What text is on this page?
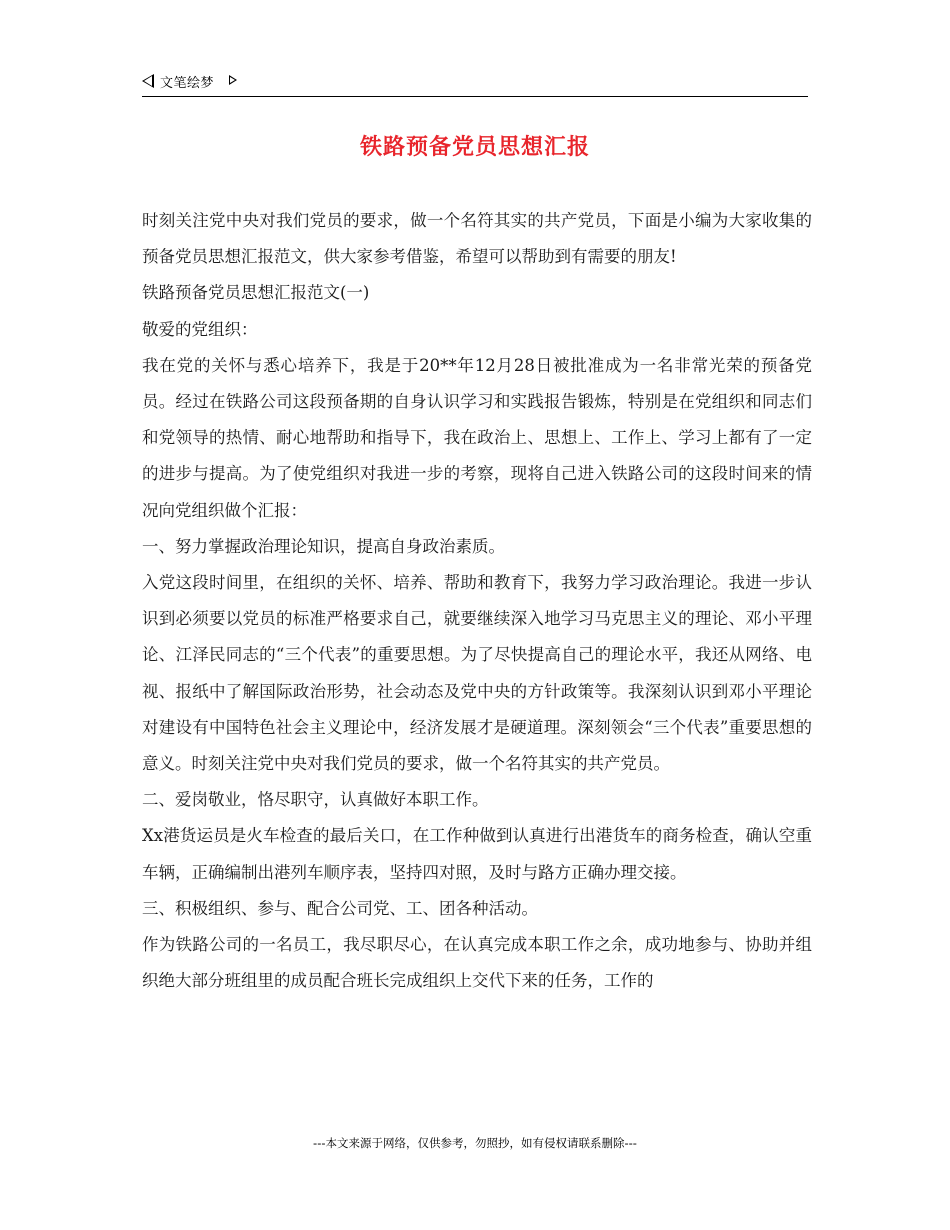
文笔绘梦
铁路预备党员思想汇报

时刻关注党中央对我们党员的要求，做一个名符其实的共产党员，下面是小编为大家收集的预备党员思想汇报范文，供大家参考借鉴，希望可以帮助到有需要的朋友!

铁路预备党员思想汇报范文(一)

敬爱的党组织：

我在党的关怀与悉心培养下，我是于20**年12月28日被批准成为一名非常光荣的预备党员。经过在铁路公司这段预备期的自身认识学习和实践报告锻炼，特别是在党组织和同志们和党领导的热情、耐心地帮助和指导下，我在政治上、思想上、工作上、学习上都有了一定的进步与提高。为了使党组织对我进一步的考察，现将自己进入铁路公司的这段时间来的情况向党组织做个汇报：

一、努力掌握政治理论知识，提高自身政治素质。

入党这段时间里，在组织的关怀、培养、帮助和教育下，我努力学习政治理论。我进一步认识到必须要以党员的标准严格要求自己，就要继续深入地学习马克思主义的理论、邓小平理论、江泽民同志的“三个代表”的重要思想。为了尽快提高自己的理论水平，我还从网络、电视、报纸中了解国际政治形势，社会动态及党中央的方针政策等。我深刻认识到邓小平理论对建设有中国特色社会主义理论中，经济发展才是硬道理。深刻领会“三个代表”重要思想的意义。时刻关注党中央对我们党员的要求，做一个名符其实的共产党员。

二、爱岗敬业，恪尽职守，认真做好本职工作。

Xx港货运员是火车检查的最后关口，在工作种做到认真进行出港货车的商务检查，确认空重车辆，正确编制出港列车顺序表，坚持四对照，及时与路方正确办理交接。

三、积极组织、参与、配合公司党、工、团各种活动。

作为铁路公司的一名员工，我尽职尽心，在认真完成本职工作之余，成功地参与、协助并组织绝大部分班组里的成员配合班长完成组织上交代下来的任务，工作的

---本文来源于网络，仅供参考，勿照抄，如有侵权请联系删除---
